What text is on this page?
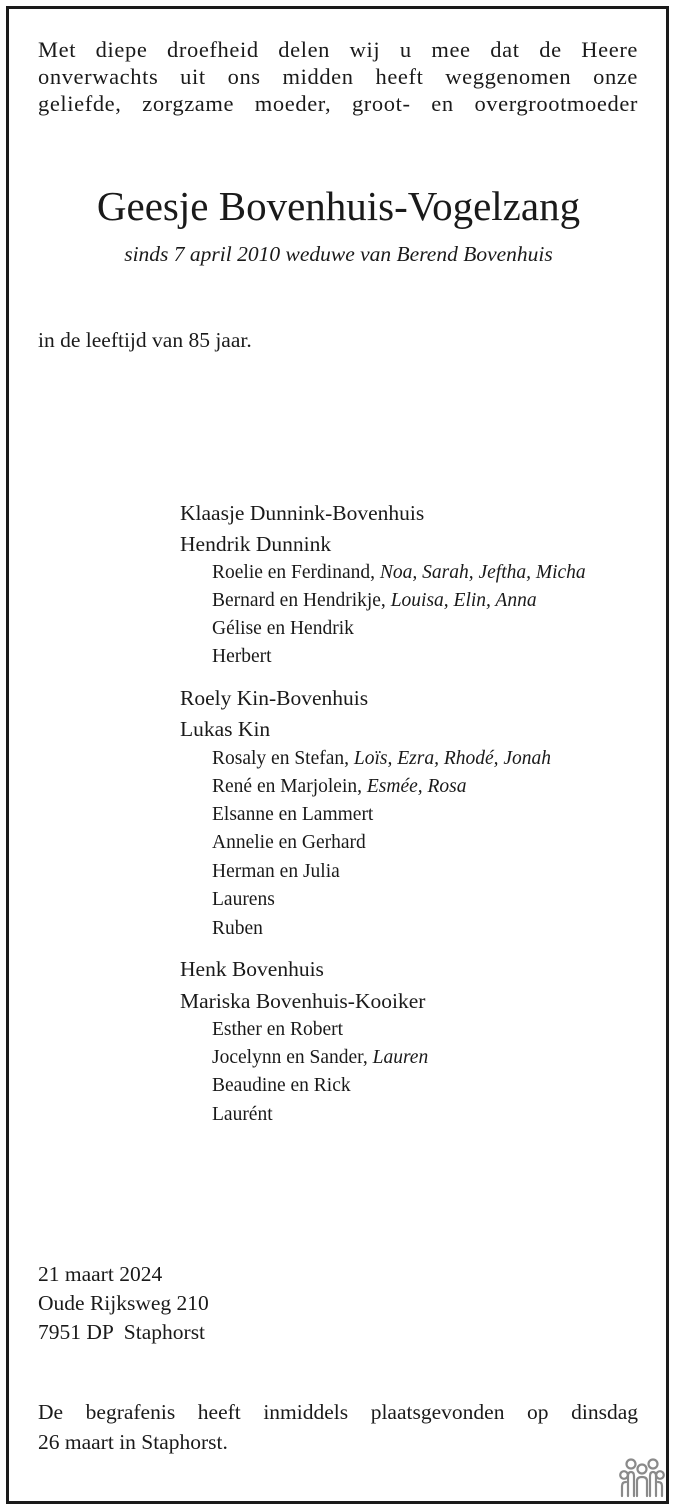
Met diepe droefheid delen wij u mee dat de Heere
onverwachts uit ons midden heeft weggenomen onze
geliefde, zorgzame moeder, groot- en overgrootmoeder
Geesje Bovenhuis-Vogelzang
sinds 7 april 2010 weduwe van Berend Bovenhuis
in de leeftijd van 85 jaar.
Klaasje Dunnink-Bovenhuis
Hendrik Dunnink
Roelie en Ferdinand, Noa, Sarah, Jeftha, Micha
Bernard en Hendrikje, Louisa, Elin, Anna
Gélise en Hendrik
Herbert
Roely Kin-Bovenhuis
Lukas Kin
Rosaly en Stefan, Loïs, Ezra, Rhodé, Jonah
René en Marjolein, Esmée, Rosa
Elsanne en Lammert
Annelie en Gerhard
Herman en Julia
Laurens
Ruben
Henk Bovenhuis
Mariska Bovenhuis-Kooiker
Esther en Robert
Jocelynn en Sander, Lauren
Beaudine en Rick
Laurént
21 maart 2024
Oude Rijksweg 210
7951 DP  Staphorst
De begrafenis heeft inmiddels plaatsgevonden op dinsdag
26 maart in Staphorst.
